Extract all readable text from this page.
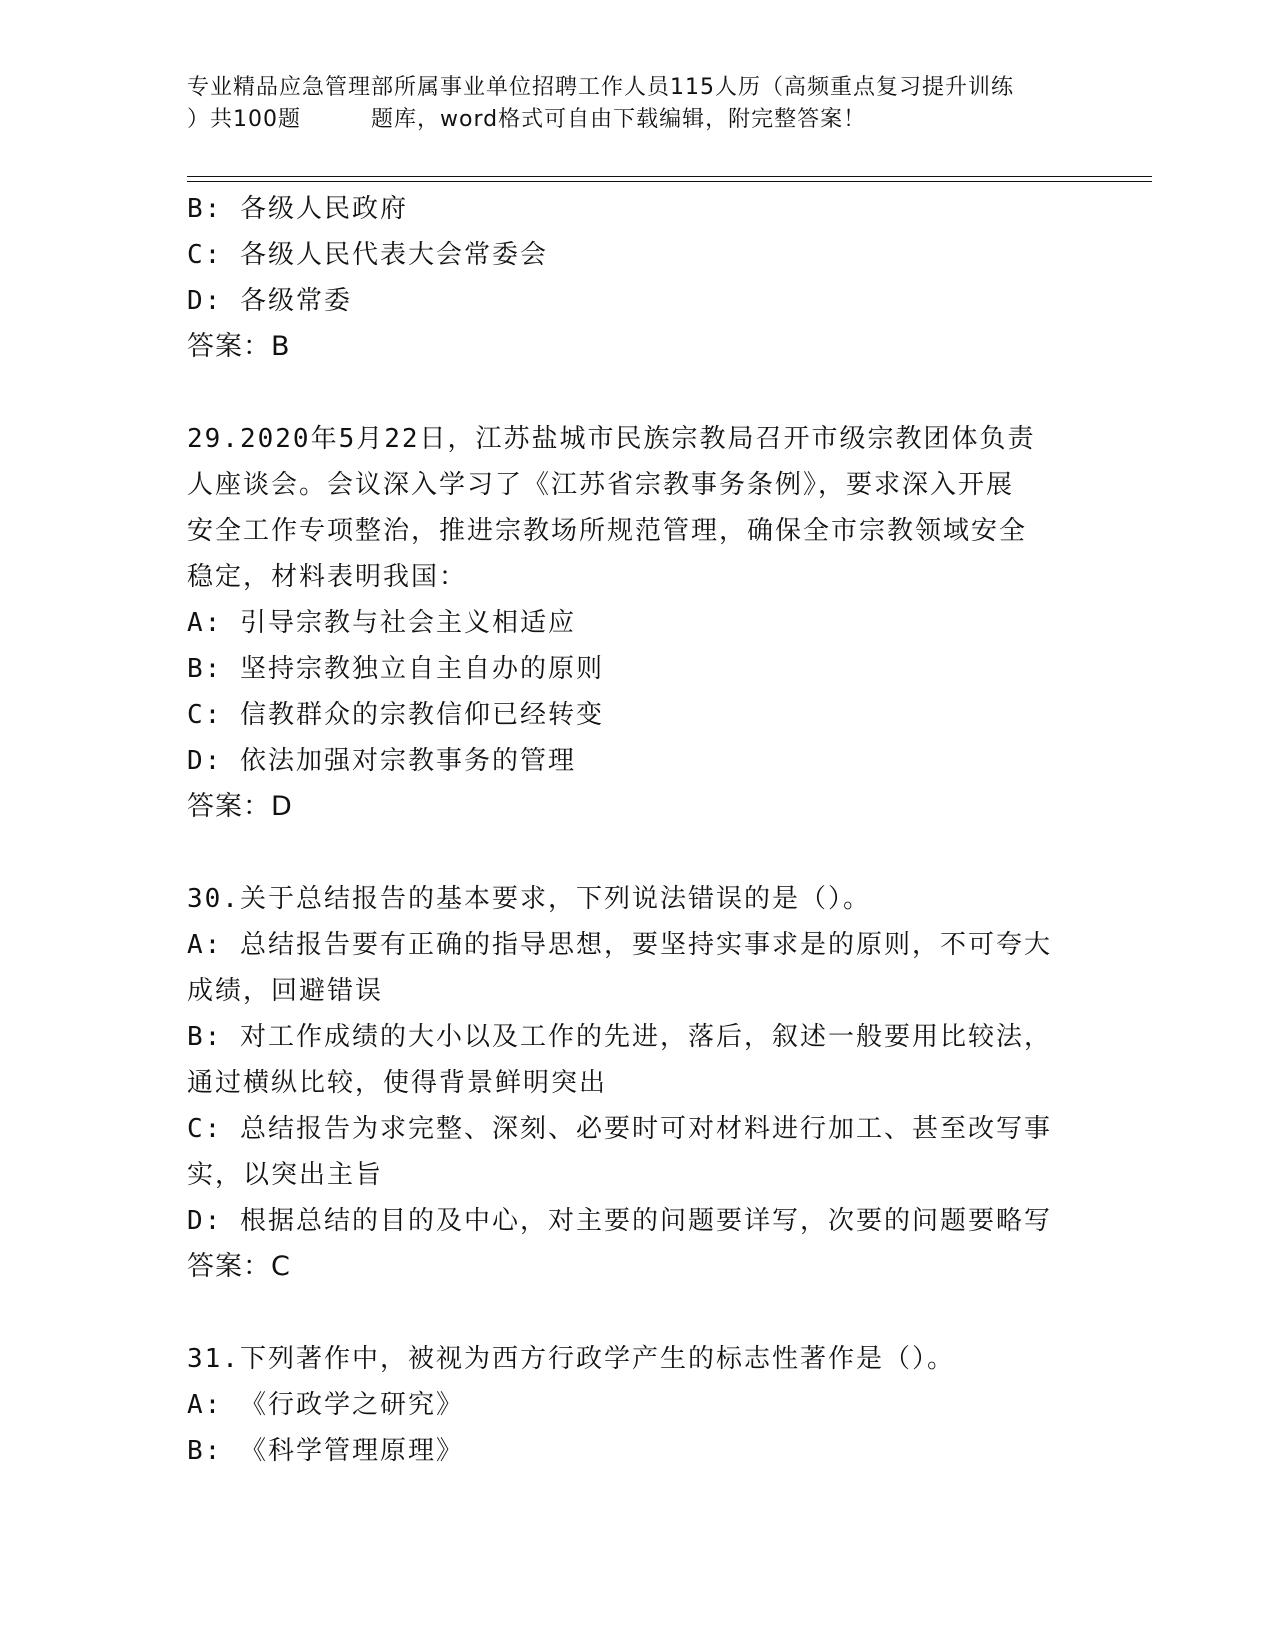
专业精品应急管理部所属事业单位招聘工作人员115人历（高频重点复习提升训练
）共100题	题库，word格式可自由下载编辑，附完整答案！
B: 各级人民政府
C: 各级人民代表大会常委会
D: 各级常委
答案：B
29.2020年5月22日，江苏盐城市民族宗教局召开市级宗教团体负责
人座谈会。会议深入学习了《江苏省宗教事务条例》，要求深入开展
安全工作专项整治，推进宗教场所规范管理，确保全市宗教领域安全
稳定，材料表明我国：
A: 引导宗教与社会主义相适应
B: 坚持宗教独立自主自办的原则
C: 信教群众的宗教信仰已经转变
D: 依法加强对宗教事务的管理
答案：D
30.关于总结报告的基本要求，下列说法错误的是（）。
A: 总结报告要有正确的指导思想，要坚持实事求是的原则，不可夸大
成绩，回避错误
B: 对工作成绩的大小以及工作的先进，落后，叙述一般要用比较法，
通过横纵比较，使得背景鲜明突出
C: 总结报告为求完整、深刻、必要时可对材料进行加工、甚至改写事
实，以突出主旨
D: 根据总结的目的及中心，对主要的问题要详写，次要的问题要略写
答案：C
31.下列著作中，被视为西方行政学产生的标志性著作是（）。
A: 《行政学之研究》
B: 《科学管理原理》
